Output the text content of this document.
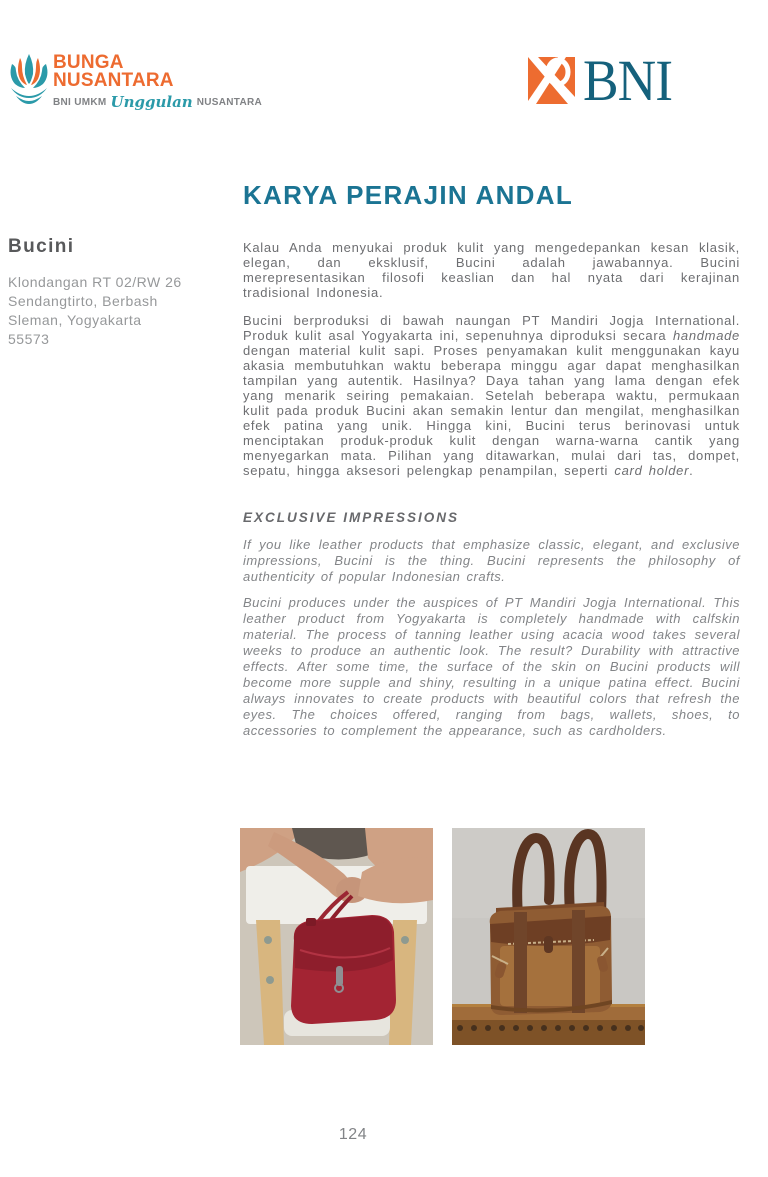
BUNGA
NUSANTARA
BNI UMKM Unggulan NUSANTARA	BNI
KARYA PERAJIN ANDAL
Bucini
Klondangan RT 02/RW 26
Sendangtirto, Berbash
Sleman, Yogyakarta
55573

Kalau Anda menyukai produk kulit yang mengedepankan kesan klasik, elegan, dan eksklusif, Bucini adalah jawabannya. Bucini merepresentasikan filosofi keaslian dan hal nyata dari kerajinan tradisional Indonesia.

Bucini berproduksi di bawah naungan PT Mandiri Jogja International. Produk kulit asal Yogyakarta ini, sepenuhnya diproduksi secara handmade dengan material kulit sapi. Proses penyamakan kulit menggunakan kayu akasia membutuhkan waktu beberapa minggu agar dapat menghasilkan tampilan yang autentik. Hasilnya? Daya tahan yang lama dengan efek yang menarik seiring pemakaian. Setelah beberapa waktu, permukaan kulit pada produk Bucini akan semakin lentur dan mengilat, menghasilkan efek patina yang unik. Hingga kini, Bucini terus berinovasi untuk menciptakan produk-produk kulit dengan warna-warna cantik yang menyegarkan mata. Pilihan yang ditawarkan, mulai dari tas, dompet, sepatu, hingga aksesori pelengkap penampilan, seperti card holder.

EXCLUSIVE IMPRESSIONS

If you like leather products that emphasize classic, elegant, and exclusive impressions, Bucini is the thing. Bucini represents the philosophy of authenticity of popular Indonesian crafts.

Bucini produces under the auspices of PT Mandiri Jogja International. This leather product from Yogyakarta is completely handmade with calfskin material. The process of tanning leather using acacia wood takes several weeks to produce an authentic look. The result? Durability with attractive effects. After some time, the surface of the skin on Bucini products will become more supple and shiny, resulting in a unique patina effect. Bucini always innovates to create products with beautiful colors that refresh the eyes. The choices offered, ranging from bags, wallets, shoes, to accessories to complement the appearance, such as cardholders.

124
